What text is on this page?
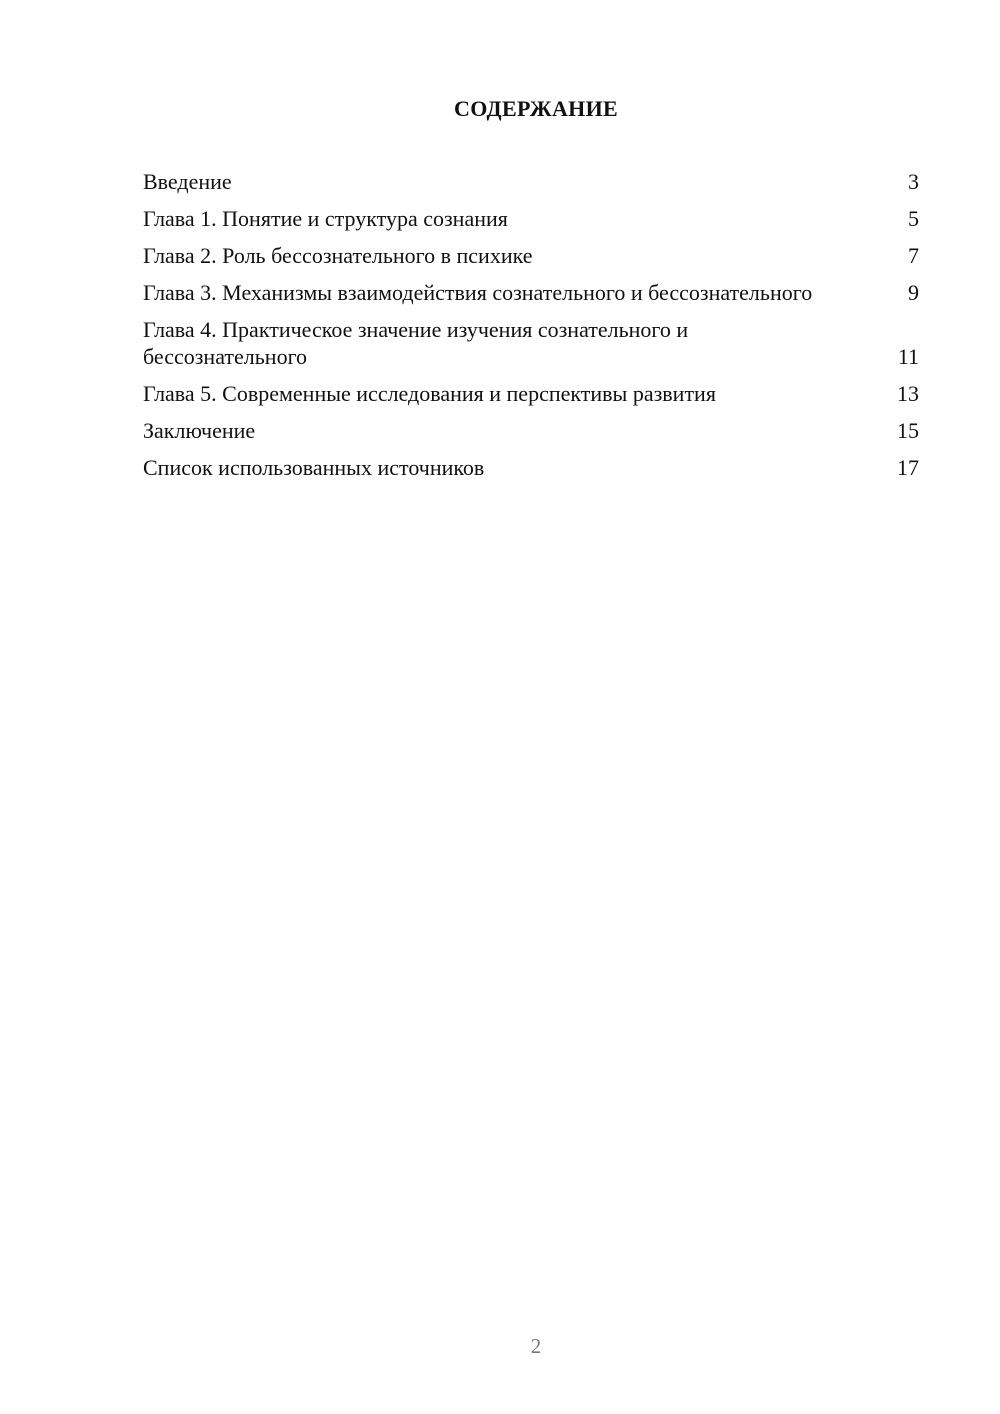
СОДЕРЖАНИЕ
Введение	3
Глава 1. Понятие и структура сознания	5
Глава 2. Роль бессознательного в психике	7
Глава 3. Механизмы взаимодействия сознательного и бессознательного	9
Глава 4. Практическое значение изучения сознательного и бессознательного	11
Глава 5. Современные исследования и перспективы развития	13
Заключение	15
Список использованных источников	17
2
